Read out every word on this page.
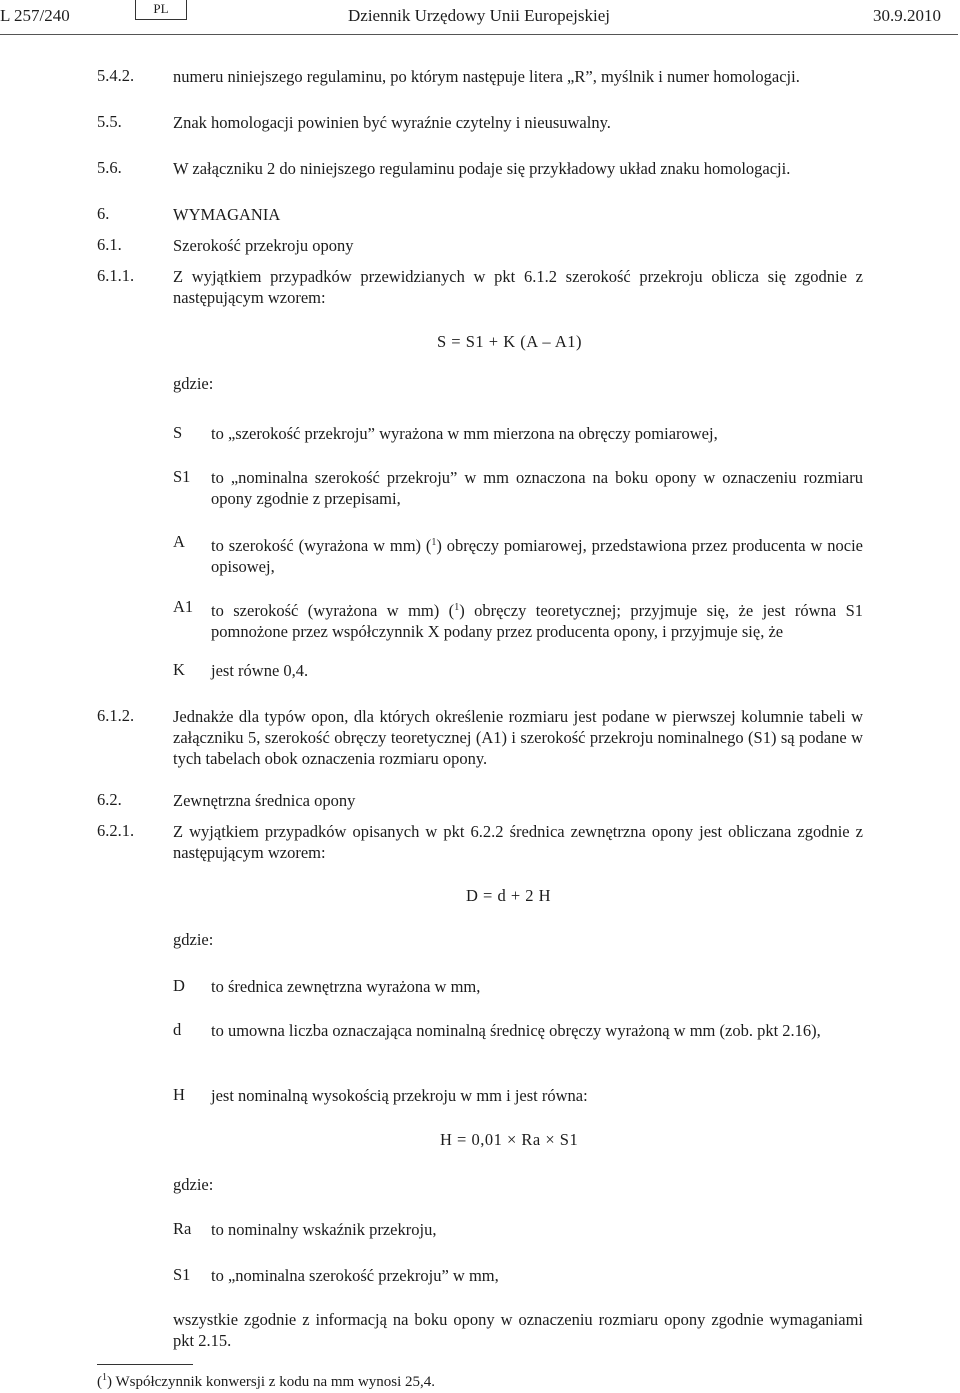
L 257/240	PL	Dziennik Urzędowy Unii Europejskiej	30.9.2010
5.4.2. numeru niniejszego regulaminu, po którym następuje litera „R”, myślnik i numer homologacji.
5.5.	Znak homologacji powinien być wyraźnie czytelny i nieusuwalny.
5.6.	W załączniku 2 do niniejszego regulaminu podaje się przykładowy układ znaku homologacji.
6.	WYMAGANIA
6.1.	Szerokość przekroju opony
6.1.1. Z wyjątkiem przypadków przewidzianych w pkt 6.1.2 szerokość przekroju oblicza się zgodnie z następującym wzorem:
S = S1 + K (A – A1)
gdzie:
S to „szerokość przekroju” wyrażona w mm mierzona na obręczy pomiarowej,
S1 to „nominalna szerokość przekroju” w mm oznaczona na boku opony w oznaczeniu rozmiaru opony zgodnie z przepisami,
A to szerokość (wyrażona w mm) ($^1$) obręczy pomiarowej, przedstawiona przez producenta w nocie opisowej,
A1 to szerokość (wyrażona w mm) ($^1$) obręczy teoretycznej; przyjmuje się, że jest równa S1 pomnożone przez współczynnik X podany przez producenta opony, i przyjmuje się, że
K jest równe 0,4.
6.1.2. Jednakże dla typów opon, dla których określenie rozmiaru jest podane w pierwszej kolumnie tabeli w załączniku 5, szerokość obręczy teoretycznej (A1) i szerokość przekroju nominalnego (S1) są podane w tych tabelach obok oznaczenia rozmiaru opony.
6.2.	Zewnętrzna średnica opony
6.2.1. Z wyjątkiem przypadków opisanych w pkt 6.2.2 średnica zewnętrzna opony jest obliczana zgodnie z następującym wzorem:
D = d + 2 H
gdzie:
D to średnica zewnętrzna wyrażona w mm,
d to umowna liczba oznaczająca nominalną średnicę obręczy wyrażoną w mm (zob. pkt 2.16),
H jest nominalną wysokością przekroju w mm i jest równa:
H = 0,01 × Ra × S1
gdzie:
Ra to nominalny wskaźnik przekroju,
S1 to „nominalna szerokość przekroju” w mm,
wszystkie zgodnie z informacją na boku opony w oznaczeniu rozmiaru opony zgodnie wymaganiami pkt 2.15.
($^1$) Współczynnik konwersji z kodu na mm wynosi 25,4.
